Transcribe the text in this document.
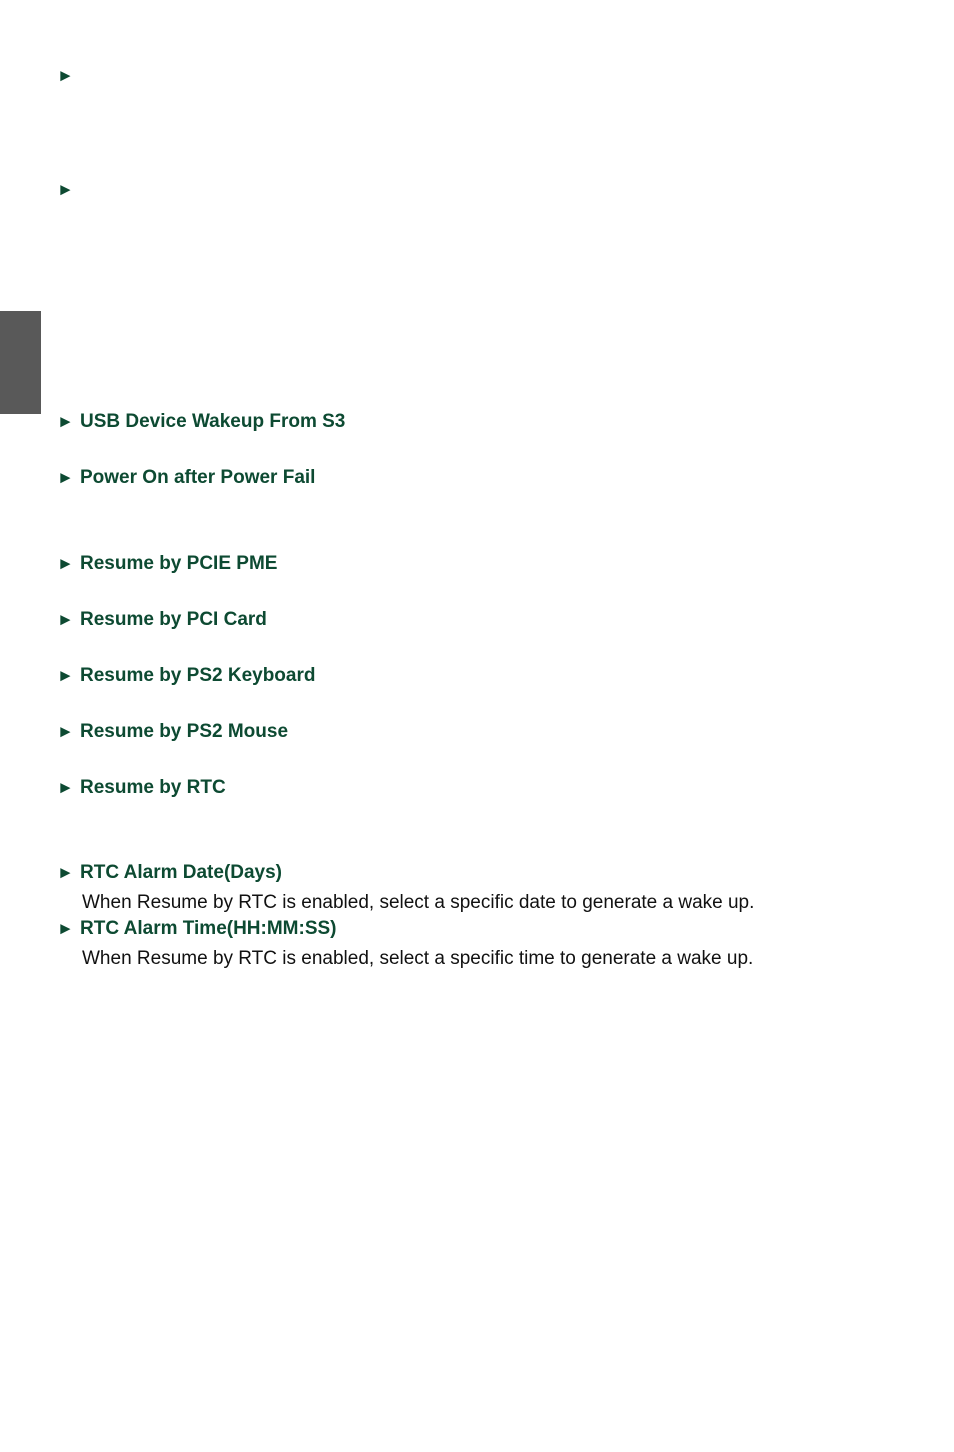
►
►
► USB Device Wakeup From S3
► Power On after Power Fail
► Resume by PCIE PME
► Resume by PCI Card
► Resume by PS2 Keyboard
► Resume by PS2 Mouse
► Resume by RTC
► RTC Alarm Date(Days)
When Resume by RTC is enabled, select a specific date to generate a wake up.
► RTC Alarm Time(HH:MM:SS)
When Resume by RTC is enabled, select a specific time to generate a wake up.
